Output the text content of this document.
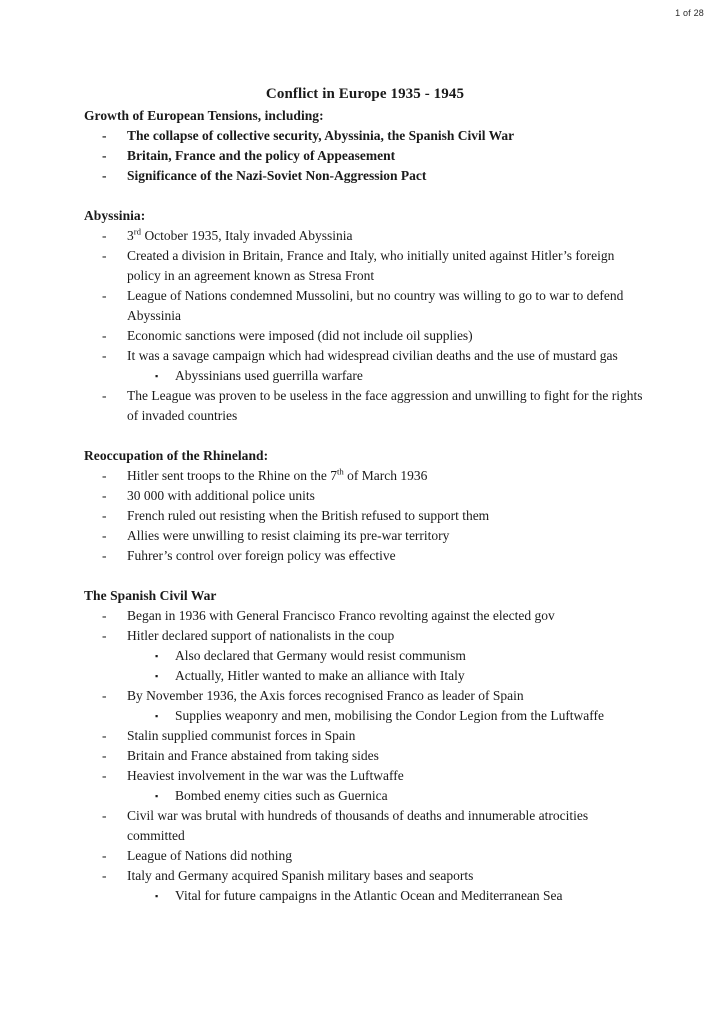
1 of 28
Conflict in Europe 1935 - 1945
Growth of European Tensions, including:
- The collapse of collective security, Abyssinia, the Spanish Civil War
- Britain, France and the policy of Appeasement
- Significance of the Nazi-Soviet Non-Aggression Pact
Abyssinia:
- 3rd October 1935, Italy invaded Abyssinia
- Created a division in Britain, France and Italy, who initially united against Hitler’s foreign policy in an agreement known as Stresa Front
- League of Nations condemned Mussolini, but no country was willing to go to war to defend Abyssinia
- Economic sanctions were imposed (did not include oil supplies)
- It was a savage campaign which had widespread civilian deaths and the use of mustard gas
▪ Abyssinians used guerrilla warfare
- The League was proven to be useless in the face aggression and unwilling to fight for the rights of invaded countries
Reoccupation of the Rhineland:
- Hitler sent troops to the Rhine on the 7th of March 1936
- 30 000 with additional police units
- French ruled out resisting when the British refused to support them
- Allies were unwilling to resist claiming its pre-war territory
- Fuhrer’s control over foreign policy was effective
The Spanish Civil War
- Began in 1936 with General Francisco Franco revolting against the elected gov
- Hitler declared support of nationalists in the coup
▪ Also declared that Germany would resist communism
▪ Actually, Hitler wanted to make an alliance with Italy
- By November 1936, the Axis forces recognised Franco as leader of Spain
▪ Supplies weaponry and men, mobilising the Condor Legion from the Luftwaffe
- Stalin supplied communist forces in Spain
- Britain and France abstained from taking sides
- Heaviest involvement in the war was the Luftwaffe
▪ Bombed enemy cities such as Guernica
- Civil war was brutal with hundreds of thousands of deaths and innumerable atrocities committed
- League of Nations did nothing
- Italy and Germany acquired Spanish military bases and seaports
▪ Vital for future campaigns in the Atlantic Ocean and Mediterranean Sea
